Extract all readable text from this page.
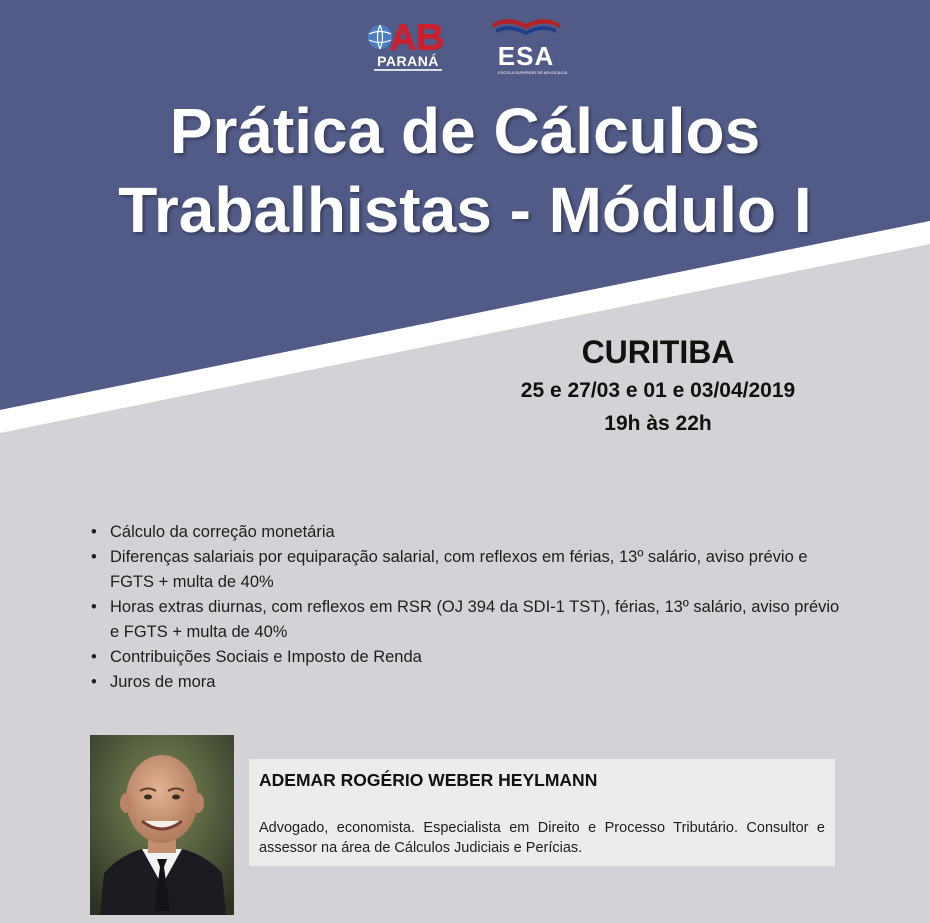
PARANÁ ESA
ESCOLA SUPERIOR DE ADVOCACIA
Prática de Cálculos
Trabalhistas - Módulo I
CURITIBA
25 e 27/03 e 01 e 03/04/2019
19h às 22h
• Cálculo da correção monetária
• Diferenças salariais por equiparação salarial, com reflexos em férias, 13º salário, aviso prévio e FGTS + multa de 40%
• Horas extras diurnas, com reflexos em RSR (OJ 394 da SDI-1 TST), férias, 13º salário, aviso prévio e FGTS + multa de 40%
• Contribuições Sociais e Imposto de Renda
• Juros de mora
ADEMAR ROGÉRIO WEBER HEYLMANN
Advogado, economista. Especialista em Direito e Processo Tributário. Consultor e assessor na área de Cálculos Judiciais e Perícias.
